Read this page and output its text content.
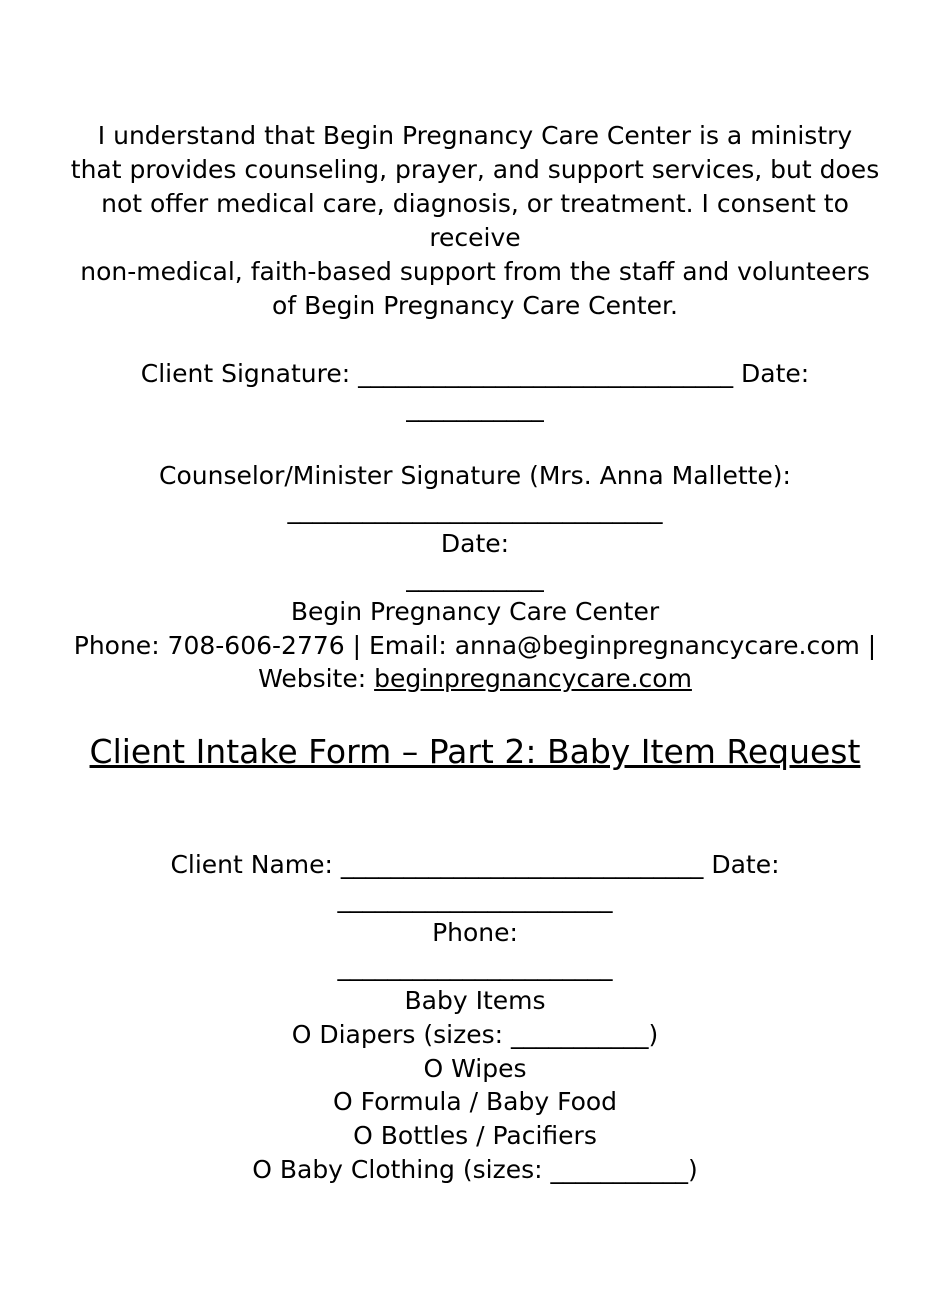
I understand that Begin Pregnancy Care Center is a ministry
that provides counseling, prayer, and support services, but does
not offer medical care, diagnosis, or treatment. I consent to
receive
non-medical, faith-based support from the staff and volunteers
of Begin Pregnancy Care Center.
Client Signature: ______________________________ Date:
___________
Counselor/Minister Signature (Mrs. Anna Mallette):
______________________________
Date:
___________
Begin Pregnancy Care Center
Phone: 708-606-2776 | Email: anna@beginpregnancycare.com |
Website: beginpregnancycare.com
Client Intake Form – Part 2: Baby Item Request
Client Name: _____________________________ Date:
______________________
Phone:
______________________
Baby Items
O Diapers (sizes: ___________)
O Wipes
O Formula / Baby Food
O Bottles / Pacifiers
O Baby Clothing (sizes: ___________)
